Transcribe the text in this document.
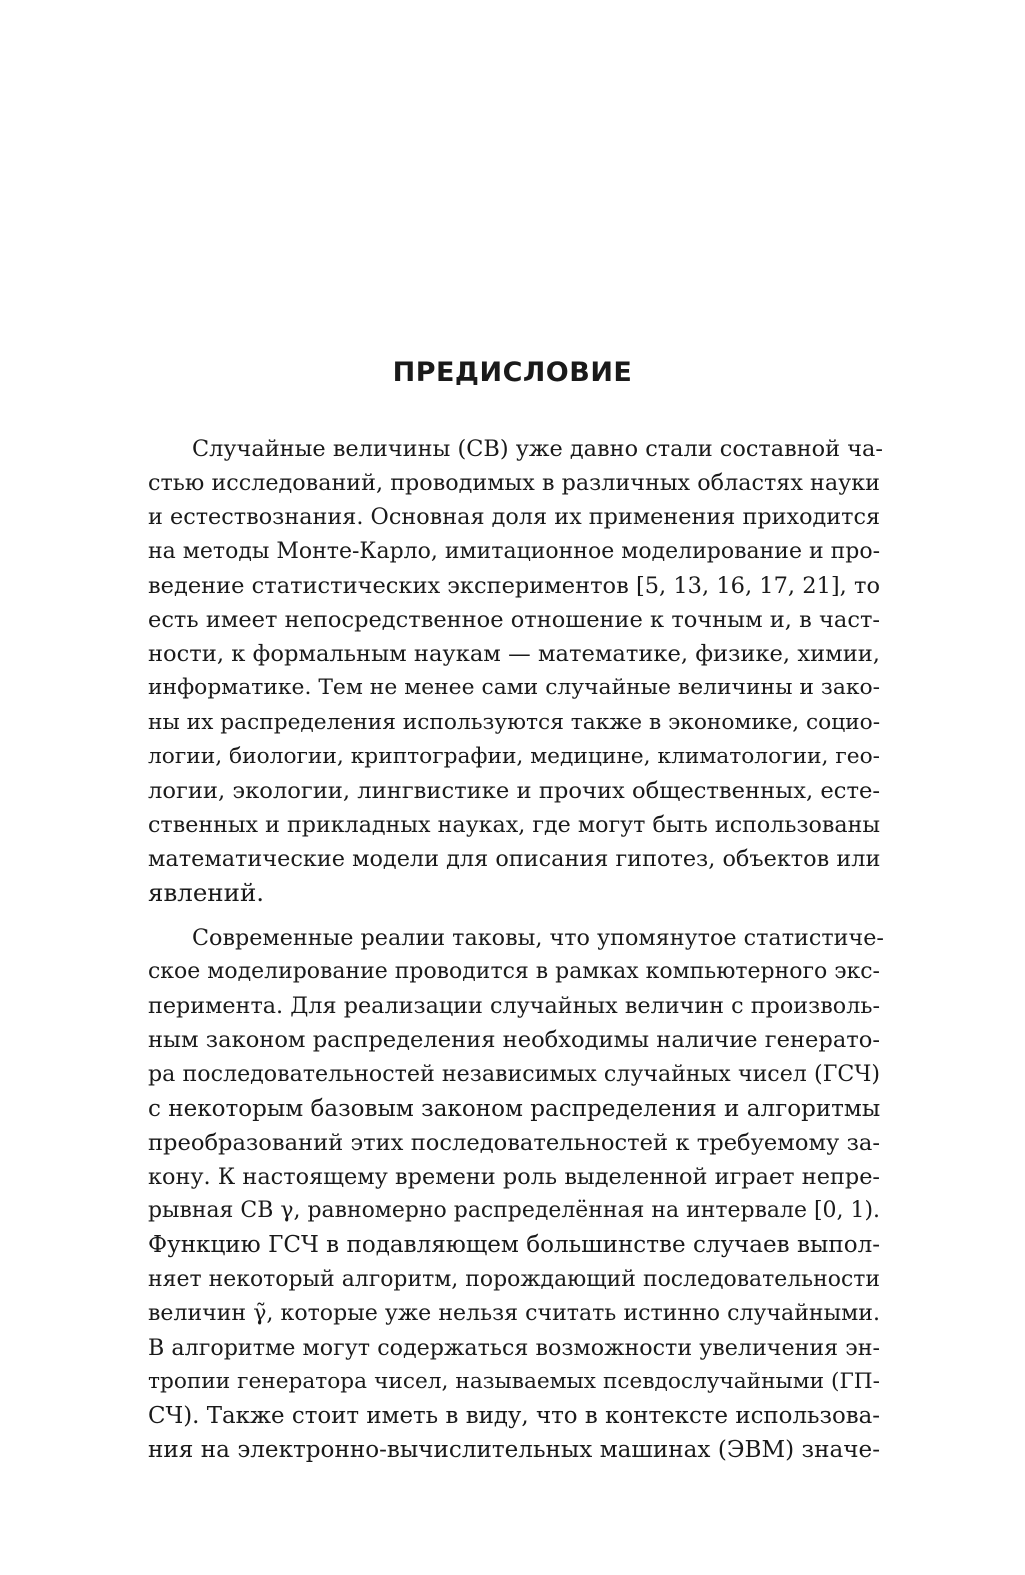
ПРЕДИСЛОВИЕ
Случайные величины (СВ) уже давно стали составной ча-
стью исследований, проводимых в различных областях науки
и естествознания. Основная доля их применения приходится
на методы Монте-Карло, имитационное моделирование и про-
ведение статистических экспериментов [5, 13, 16, 17, 21], то
есть имеет непосредственное отношение к точным и, в част-
ности, к формальным наукам — математике, физике, химии,
информатике. Тем не менее сами случайные величины и зако-
ны их распределения используются также в экономике, социо-
логии, биологии, криптографии, медицине, климатологии, гео-
логии, экологии, лингвистике и прочих общественных, есте-
ственных и прикладных науках, где могут быть использованы
математические модели для описания гипотез, объектов или
явлений.
Современные реалии таковы, что упомянутое статистиче-
ское моделирование проводится в рамках компьютерного экс-
перимента. Для реализации случайных величин с произволь-
ным законом распределения необходимы наличие генерато-
ра последовательностей независимых случайных чисел (ГСЧ)
с некоторым базовым законом распределения и алгоритмы
преобразований этих последовательностей к требуемому за-
кону. К настоящему времени роль выделенной играет непре-
рывная СВ γ, равномерно распределённая на интервале [0, 1).
Функцию ГСЧ в подавляющем большинстве случаев выпол-
няет некоторый алгоритм, порождающий последовательности
величин γ̃, которые уже нельзя считать истинно случайными.
В алгоритме могут содержаться возможности увеличения эн-
тропии генератора чисел, называемых псевдослучайными (ГП-
СЧ). Также стоит иметь в виду, что в контексте использова-
ния на электронно-вычислительных машинах (ЭВМ) значе-
